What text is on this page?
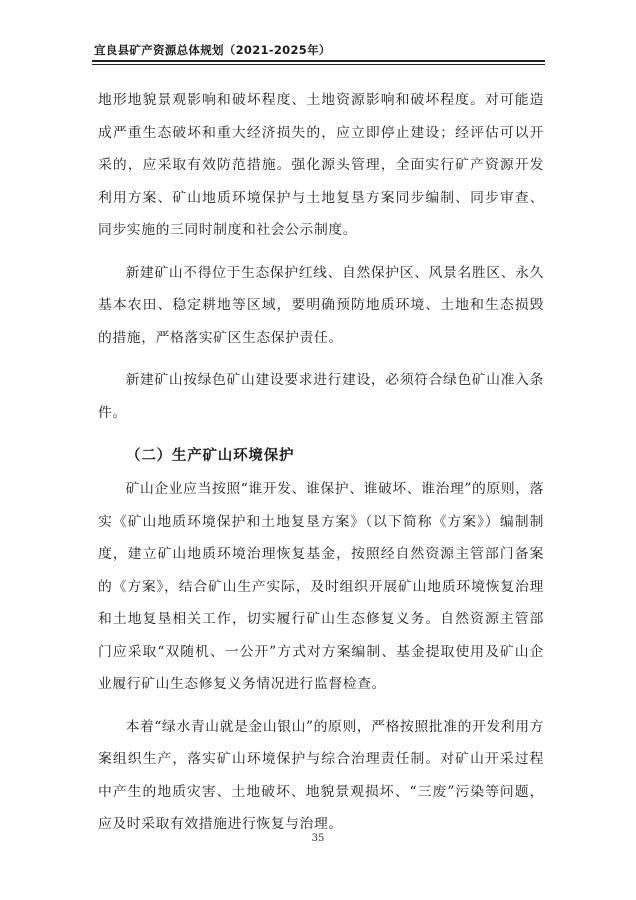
宜良县矿产资源总体规划（2021-2025年）

地形地貌景观影响和破坏程度、土地资源影响和破坏程度。对可能造成严重生态破坏和重大经济损失的，应立即停止建设；经评估可以开采的，应采取有效防范措施。强化源头管理，全面实行矿产资源开发利用方案、矿山地质环境保护与土地复垦方案同步编制、同步审查、同步实施的三同时制度和社会公示制度。

新建矿山不得位于生态保护红线、自然保护区、风景名胜区、永久基本农田、稳定耕地等区域，要明确预防地质环境、土地和生态损毁的措施，严格落实矿区生态保护责任。

新建矿山按绿色矿山建设要求进行建设，必须符合绿色矿山准入条件。

（二）生产矿山环境保护

矿山企业应当按照“谁开发、谁保护、谁破坏、谁治理”的原则，落实《矿山地质环境保护和土地复垦方案》（以下简称《方案》）编制制度，建立矿山地质环境治理恢复基金，按照经自然资源主管部门备案的《方案》，结合矿山生产实际，及时组织开展矿山地质环境恢复治理和土地复垦相关工作，切实履行矿山生态修复义务。自然资源主管部门应采取“双随机、一公开”方式对方案编制、基金提取使用及矿山企业履行矿山生态修复义务情况进行监督检查。

本着“绿水青山就是金山银山”的原则，严格按照批准的开发利用方案组织生产，落实矿山环境保护与综合治理责任制。对矿山开采过程中产生的地质灾害、土地破坏、地貌景观损坏、“三废”污染等问题，应及时采取有效措施进行恢复与治理。

35
